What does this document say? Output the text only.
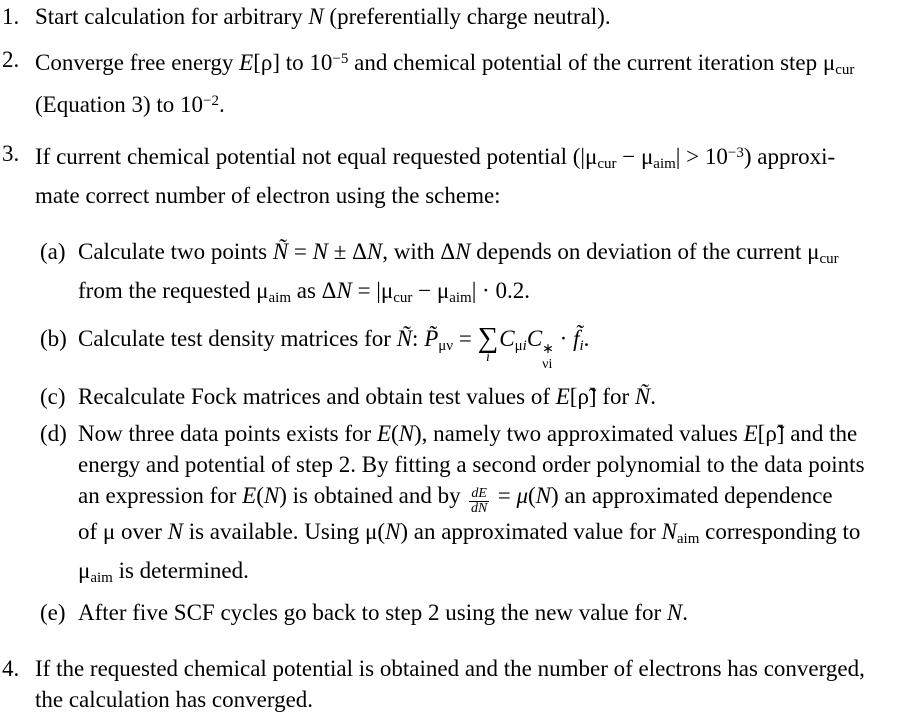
1. Start calculation for arbitrary N (preferentially charge neutral).
2. Converge free energy E[ρ] to $10^{-5}$ and chemical potential of the current iteration step μcur
(Equation 3) to $10^{-2}$.
3. If current chemical potential not equal requested potential $(|\mu cur - \mu aim| > 10^{-3})$ approxi-
mate correct number of electron using the scheme:
(a) Calculate two points Ñ = N ± ΔN, with ΔN depends on deviation of the current μcur
from the requested μaim as ΔN = |μcur − μaim| · 0.2.
(b) Calculate test density matrices for Ñ: P̃μν = ∑
i
CμiC ∗
νi
· f̃i.
(c) Recalculate Fock matrices and obtain test values of E[ρ̃] for Ñ.
(d) Now three data points exists for E(N), namely two approximated values E[ρ̃] and the
energy and potential of step 2. By fitting a second order polynomial to the data points
an expression for E(N) is obtained and by $\frac{dE}{dN} = \mu(N)$ an approximated dependence
of μ over N is available. Using μ(N) an approximated value for Naim corresponding to
μaim is determined.
(e) After five SCF cycles go back to step 2 using the new value for N.
4. If the requested chemical potential is obtained and the number of electrons has converged,
the calculation has converged.
